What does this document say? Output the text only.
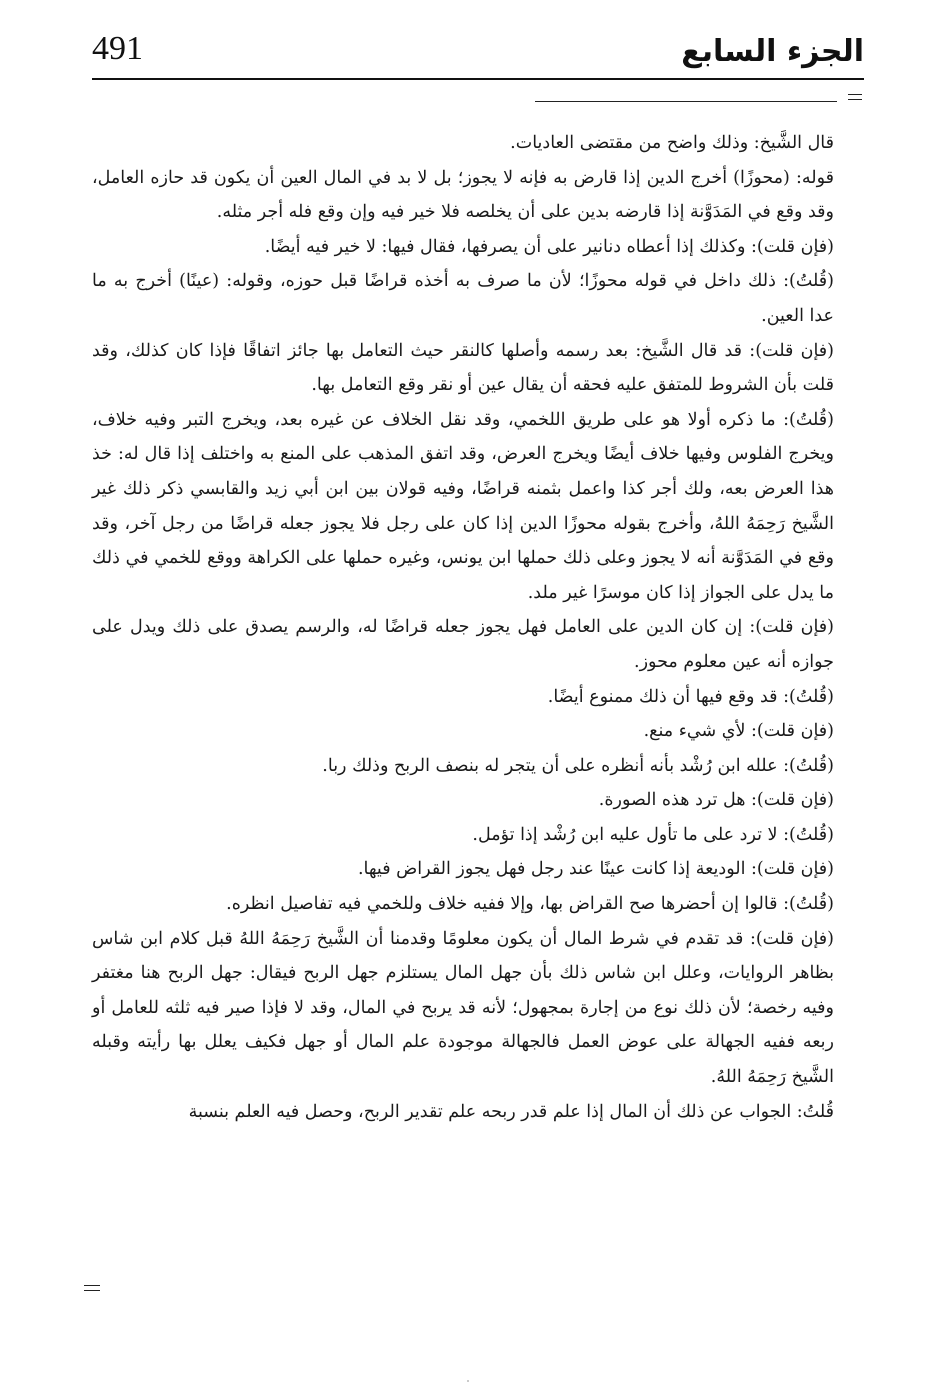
الجزء السابع
491

قال الشَّيخ: وذلك واضح من مقتضى العاديات.

قوله: (محوزًا) أخرج الدين إذا قارض به فإنه لا يجوز؛ بل لا بد في المال العين أن يكون قد حازه العامل، وقد وقع في المَدَوَّنة إذا قارضه بدين على أن يخلصه فلا خير فيه وإن وقع فله أجر مثله.

(فإن قلت): وكذلك إذا أعطاه دنانير على أن يصرفها، فقال فيها: لا خير فيه أيضًا.

(قُلتُ): ذلك داخل في قوله محوزًا؛ لأن ما صرف به أخذه قراضًا قبل حوزه، وقوله: (عينًا) أخرج به ما عدا العين.

(فإن قلت): قد قال الشَّيخ: بعد رسمه وأصلها كالنقر حيث التعامل بها جائز اتفاقًا فإذا كان كذلك، وقد قلت بأن الشروط للمتفق عليه فحقه أن يقال عين أو نقر وقع التعامل بها.

(قُلتُ): ما ذكره أولا هو على طريق اللخمي، وقد نقل الخلاف عن غيره بعد، ويخرج التبر وفيه خلاف، ويخرج الفلوس وفيها خلاف أيضًا ويخرج العرض، وقد اتفق المذهب على المنع به واختلف إذا قال له: خذ هذا العرض بعه، ولك أجر كذا واعمل بثمنه قراضًا، وفيه قولان بين ابن أبي زيد والقابسي ذكر ذلك غير الشَّيخ رَحِمَهُ اللهُ، وأخرج بقوله محوزًا الدين إذا كان على رجل فلا يجوز جعله قراضًا من رجل آخر، وقد وقع في المَدَوَّنة أنه لا يجوز وعلى ذلك حملها ابن يونس، وغيره حملها على الكراهة ووقع للخمي في ذلك ما يدل على الجواز إذا كان موسرًا غير ملد.

(فإن قلت): إن كان الدين على العامل فهل يجوز جعله قراضًا له، والرسم يصدق على ذلك ويدل على جوازه أنه عين معلوم محوز.

(قُلتُ): قد وقع فيها أن ذلك ممنوع أيضًا.

(فإن قلت): لأي شيء منع.

(قُلتُ): علله ابن رُشْد بأنه أنظره على أن يتجر له بنصف الربح وذلك ربا.

(فإن قلت): هل ترد هذه الصورة.

(قُلتُ): لا ترد على ما تأول عليه ابن رُشْد إذا تؤمل.

(فإن قلت): الوديعة إذا كانت عينًا عند رجل فهل يجوز القراض فيها.

(قُلتُ): قالوا إن أحضرها صح القراض بها، وإلا ففيه خلاف وللخمي فيه تفاصيل انظره.

(فإن قلت): قد تقدم في شرط المال أن يكون معلومًا وقدمنا أن الشَّيخ رَحِمَهُ اللهُ قبل كلام ابن شاس بظاهر الروايات، وعلل ابن شاس ذلك بأن جهل المال يستلزم جهل الربح فيقال: جهل الربح هنا مغتفر وفيه رخصة؛ لأن ذلك نوع من إجارة بمجهول؛ لأنه قد يربح في المال، وقد لا فإذا صير فيه ثلثه للعامل أو ربعه ففيه الجهالة على عوض العمل فالجهالة موجودة علم المال أو جهل فكيف يعلل بها رأيته وقبله الشَّيخ رَحِمَهُ اللهُ.

قُلتُ: الجواب عن ذلك أن المال إذا علم قدر ربحه علم تقدير الربح، وحصل فيه العلم بنسبة
